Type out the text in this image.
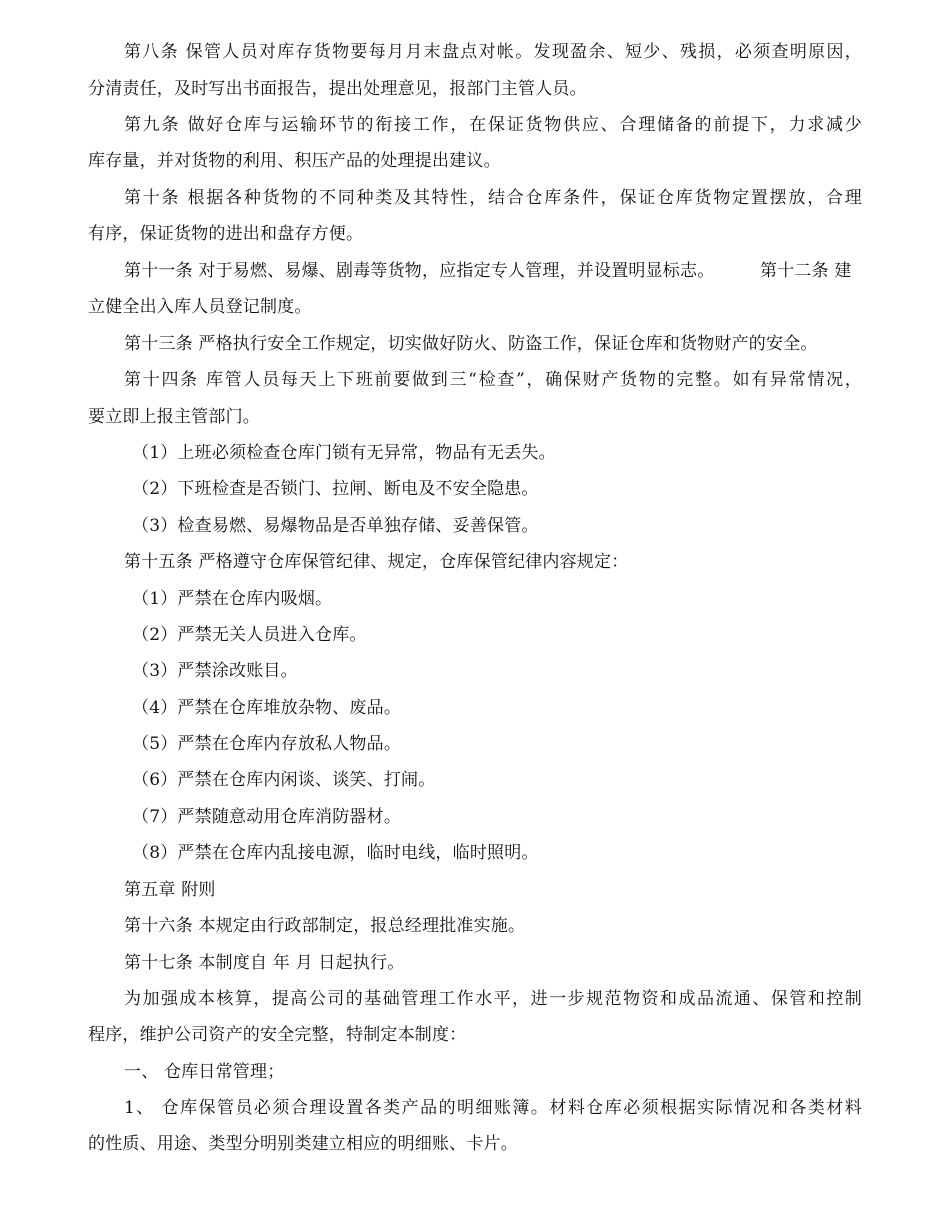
第八条 保管人员对库存货物要每月月末盘点对帐。发现盈余、短少、残损，必须查明原因，
分清责任，及时写出书面报告，提出处理意见，报部门主管人员。
第九条 做好仓库与运输环节的衔接工作，在保证货物供应、合理储备的前提下，力求减少
库存量，并对货物的利用、积压产品的处理提出建议。
第十条 根据各种货物的不同种类及其特性，结合仓库条件，保证仓库货物定置摆放，合理
有序，保证货物的进出和盘存方便。
第十一条 对于易燃、易爆、剧毒等货物，应指定专人管理，并设置明显标志。	第十二条 建
立健全出入库人员登记制度。
第十三条 严格执行安全工作规定，切实做好防火、防盗工作，保证仓库和货物财产的安全。
第十四条 库管人员每天上下班前要做到三“检查”，确保财产货物的完整。如有异常情况，
要立即上报主管部门。
（1）上班必须检查仓库门锁有无异常，物品有无丢失。
（2）下班检查是否锁门、拉闸、断电及不安全隐患。
（3）检查易燃、易爆物品是否单独存储、妥善保管。
第十五条 严格遵守仓库保管纪律、规定，仓库保管纪律内容规定：
（1）严禁在仓库内吸烟。
（2）严禁无关人员进入仓库。
（3）严禁涂改账目。
（4）严禁在仓库堆放杂物、废品。
（5）严禁在仓库内存放私人物品。
（6）严禁在仓库内闲谈、谈笑、打闹。
（7）严禁随意动用仓库消防器材。
（8）严禁在仓库内乱接电源，临时电线，临时照明。
第五章 附则
第十六条 本规定由行政部制定，报总经理批准实施。
第十七条 本制度自 年 月 日起执行。
为加强成本核算，提高公司的基础管理工作水平，进一步规范物资和成品流通、保管和控制
程序，维护公司资产的安全完整，特制定本制度：
一、 仓库日常管理；
1、 仓库保管员必须合理设置各类产品的明细账簿。材料仓库必须根据实际情况和各类材料
的性质、用途、类型分明别类建立相应的明细账、卡片。
